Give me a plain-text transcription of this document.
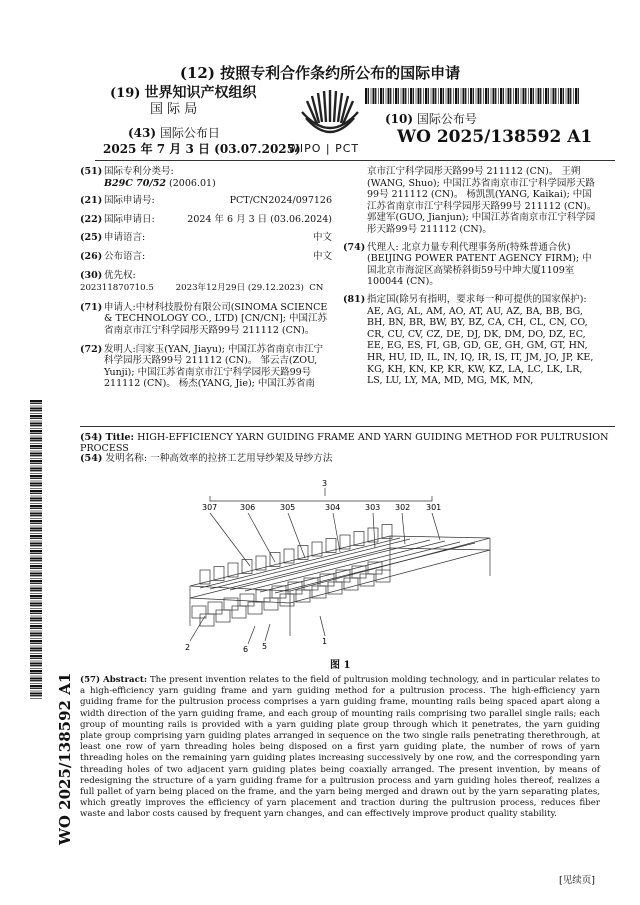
(12) 按照专利合作条约所公布的国际申请
(19) 世界知识产权组织
国 际 局
(43) 国际公布日
2025 年 7 月 3 日 (03.07.2025)
WIPO | PCT
(10) 国际公布号
WO 2025/138592 A1
(51) 国际专利分类号:
B29C 70/52 (2006.01)
(21) 国际申请号:	PCT/CN2024/097126
(22) 国际申请日:	2024 年 6 月 3 日 (03.06.2024)
(25) 申请语言:	中文
(26) 公布语言:	中文
(30) 优先权:
202311870710.5        2023年12月29日 (29.12.2023)  CN
(71) 申请人:中材科技股份有限公司(SINOMA SCIENCE & TECHNOLOGY CO., LTD) [CN/CN]; 中国江苏省南京市江宁科学园彤天路99号 211112 (CN)。
(72) 发明人:闫家玉(YAN, Jiayu); 中国江苏省南京市江宁科学园彤天路99号 211112 (CN)。 邹云吉(ZOU, Yunji); 中国江苏省南京市江宁科学园彤天路99号 211112 (CN)。 杨杰(YANG, Jie); 中国江苏省南
京市江宁科学园彤天路99号 211112 (CN)。 王朔(WANG, Shuo); 中国江苏省南京市江宁科学园彤天路99号 211112 (CN)。 杨凯凯(YANG, Kaikai); 中国江苏省南京市江宁科学园彤天路99号 211112 (CN)。 郭建军(GUO, Jianjun); 中国江苏省南京市江宁科学园彤天路99号 211112 (CN)。
(74) 代理人: 北京力量专利代理事务所(特殊普通合伙) (BEIJING POWER PATENT AGENCY FIRM); 中国北京市海淀区高梁桥斜街59号中坤大厦1109室 100044 (CN)。
(81) 指定国(除另有指明，要求每一种可提供的国家保护): AE, AG, AL, AM, AO, AT, AU, AZ, BA, BB, BG, BH, BN, BR, BW, BY, BZ, CA, CH, CL, CN, CO, CR, CU, CV, CZ, DE, DJ, DK, DM, DO, DZ, EC, EE, EG, ES, FI, GB, GD, GE, GH, GM, GT, HN, HR, HU, ID, IL, IN, IQ, IR, IS, IT, JM, JO, JP, KE, KG, KH, KN, KP, KR, KW, KZ, LA, LC, LK, LR, LS, LU, LY, MA, MD, MG, MK, MN,
WO 2025/138592 A1
(54) Title: HIGH-EFFICIENCY YARN GUIDING FRAME AND YARN GUIDING METHOD FOR PULTRUSION PROCESS
(54) 发明名称: 一种高效率的拉挤工艺用导纱架及导纱方法
3
307	306	305	304	303 302 301
2	6 5
1
图 1
(57) Abstract: The present invention relates to the field of pultrusion molding technology, and in particular relates to a high-efficiency yarn guiding frame and yarn guiding method for a pultrusion process. The high-efficiency yarn guiding frame for the pultrusion process comprises a yarn guiding frame, mounting rails being spaced apart along a width direction of the yarn guiding frame, and each group of mounting rails comprising two parallel single rails; each group of mounting rails is provided with a yarn guiding plate group through which it penetrates, the yarn guiding plate group comprising yarn guiding plates arranged in sequence on the two single rails penetrating therethrough, at least one row of yarn threading holes being disposed on a first yarn guiding plate, the number of rows of yarn threading holes on the remaining yarn guiding plates increasing successively by one row, and the corresponding yarn threading holes of two adjacent yarn guiding plates being coaxially arranged. The present invention, by means of redesigning the structure of a yarn guiding frame for a pultrusion process and yarn guiding holes thereof, realizes a full pallet of yarn being placed on the frame, and the yarn being merged and drawn out by the yarn separating plates, which greatly improves the efficiency of yarn placement and traction during the pultrusion process, reduces fiber waste and labor costs caused by frequent yarn changes, and can effectively improve product quality stability.
[见续页]
